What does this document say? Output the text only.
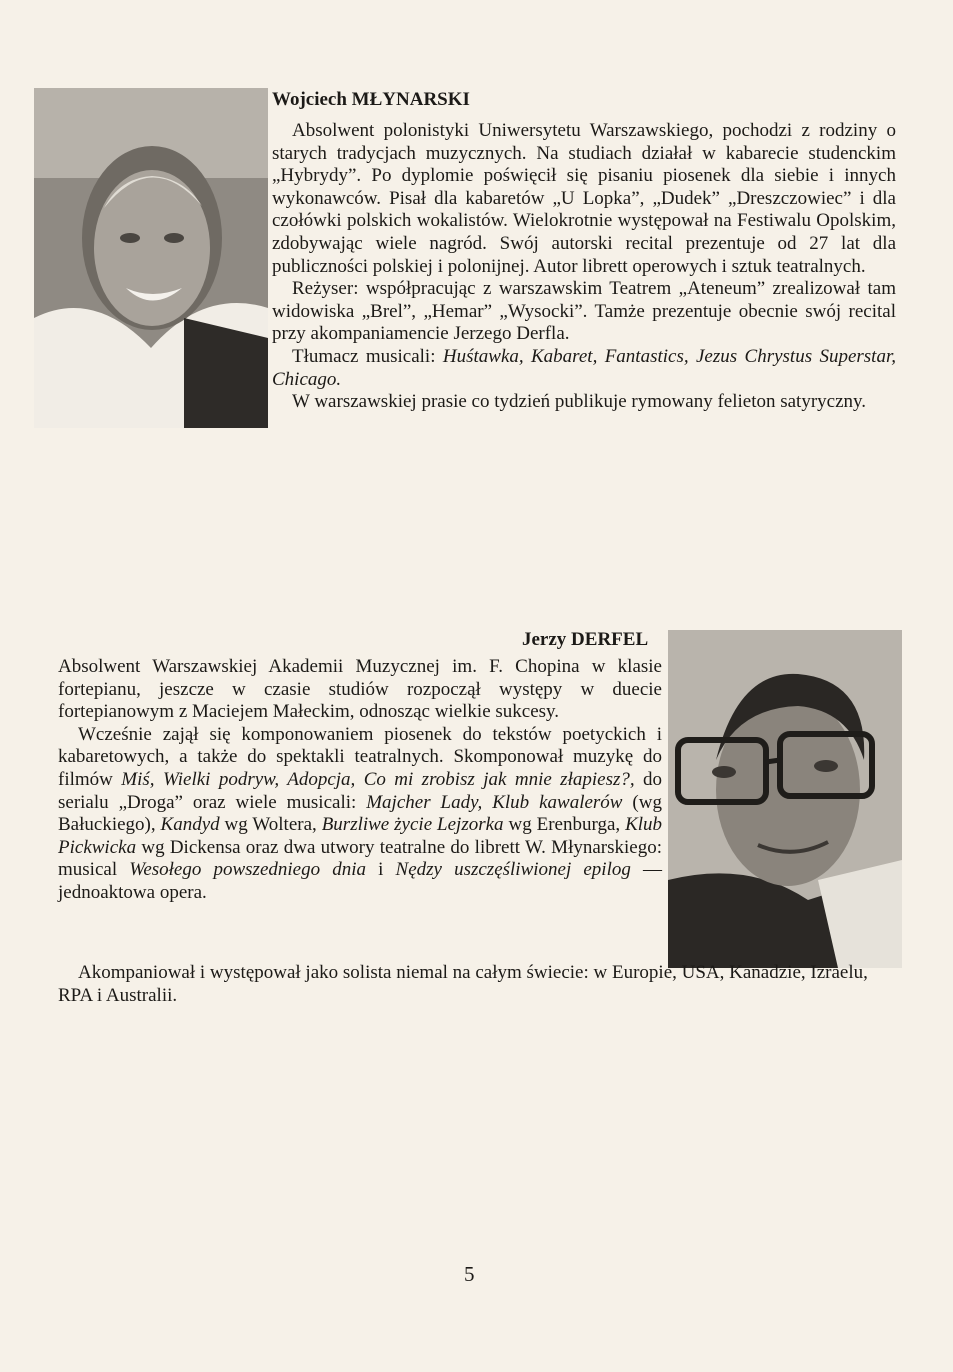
Wojciech MŁYNARSKI

Absolwent polonistyki Uniwersytetu Warszawskiego, pochodzi z rodziny o starych tradycjach muzycznych. Na studiach działał w kabarecie studenckim „Hybrydy”. Po dyplomie poświęcił się pisaniu piosenek dla siebie i innych wykonawców. Pisał dla kabaretów „U Lopka”, „Dudek” „Dreszczowiec” i dla czołówki polskich wokalistów. Wielokrotnie występował na Festiwalu Opolskim, zdobywając wiele nagród. Swój autorski recital prezentuje od 27 lat dla publiczności polskiej i polonijnej. Autor librett operowych i sztuk teatralnych.

Reżyser: współpracując z warszawskim Teatrem „Ateneum” zrealizował tam widowiska „Brel”, „Hemar” „Wysocki”. Tamże prezentuje obecnie swój recital przy akompaniamencie Jerzego Derfla.

Tłumacz musicali: Huśtawka, Kabaret, Fantastics, Jezus Chrystus Superstar, Chicago.

W warszawskiej prasie co tydzień publikuje rymowany felieton satyryczny.

Jerzy DERFEL

Absolwent Warszawskiej Akademii Muzycznej im. F. Chopina w klasie fortepianu, jeszcze w czasie studiów rozpoczął występy w duecie fortepianowym z Maciejem Małeckim, odnosząc wielkie sukcesy.

Wcześnie zajął się komponowaniem piosenek do tekstów poetyckich i kabaretowych, a także do spektakli teatralnych. Skomponował muzykę do filmów Miś, Wielki podryw, Adopcja, Co mi zrobisz jak mnie złapiesz?, do serialu „Droga” oraz wiele musicali: Majcher Lady, Klub kawalerów (wg Bałuckiego), Kandyd wg Woltera, Burzliwe życie Lejzorka wg Erenburga, Klub Pickwicka wg Dickensa oraz dwa utwory teatralne do librett W. Młynarskiego: musical Wesołego powszedniego dnia i Nędzy uszczęśliwionej epilog — jednoaktowa opera.

Akompaniował i występował jako solista niemal na całym świecie: w Europie, USA, Kanadzie, Izraelu, RPA i Australii.

5
